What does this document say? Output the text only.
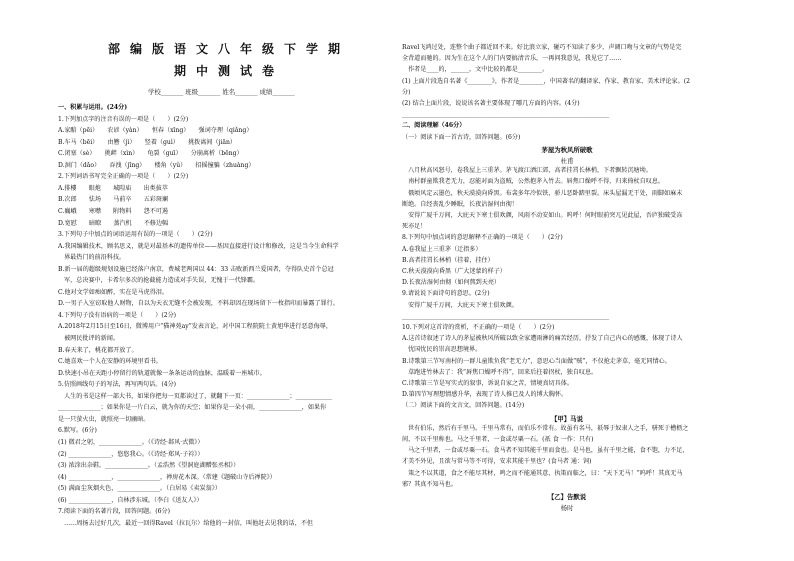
部编版语文八年级下学期
期中测试卷
学校_______ 班级_______ 姓名_______ 成绩_______
一、积累与运用。(24分)
1.下列加点字的注音有误的一项是（　　）(2分)
A.家醅（pēi）　　农谚（yàn）　　恒春（xīng）　　强词夺理（qiǎng）
B.车马（bēi）　　由簪（jì）　　竖着（guì）　　挑拨离间（jiān）
C.闭塞（sè）　　挑衅（xìn）　　龟裂（guī）　　分崩离析（bēng）
D.洄门（dǎo）　　吞洩（jīng）　　楼角（yǔ）　　招摇撞骗（zhuàng）
2.下列词语书写完全正确的一项是（　　）(2分)
A.排樓　　眼炮　　城隍庙　　出类拔萃
B.次郎　　怯场　　马前卒　　五彩斑斓
C.巍峨　　寒噤　　附物料　　怨不可遏
D.宽慰　　暗瞭　　蒸汽机　　不修边幅
3.下列句子中加点的词语运用有误的一项是（　　）(2分)
A.我国编辑技术，顾名思义，就是对最基本的遗传单位——基因直接进行设计和修改，这是当今生命科学
　界最热门的前沿科技。
B.新一届的超级规划设施已经落户南京，费城老两国以 44：33 击败新西兰爱国者，夺得队史首个总冠
　军，总决赛中，卡希尔多次的抢截能力造成对手失误，无愧于一代锋霸。
C.他对文学如痴如醉，实在是马虎得泪。
D.一男子入室窃取他人财物，自以为天衣无缝不会被发现，不料却因在现场留下一枚指印而暴露了罪行。
4.下列句子没有语病的一项是（　　）(2分)
A.2018年2月15日至16日，微博用户“猫神苑ay”发表言论，对中国工程院院士黄旭华进行恶意侮辱，
　被网民批评的新闻。
B.春天来了，桃花都开放了。
C.她喜欢一个人在安静的环境里看书。
D.快速小吊在天距小停留行的轨道就像一条条运动的血脉，温暖着一座城市。
5.仿照画线句子的写法，再写两句话。(4分)
　人生的书是这样一部大书，如果你把每一页都读过了，就翻下一页：______________；____________
______________；如果你是一片白云，就为你的天空；如果你是一朵小雨，______________，如果你
是一只萤火虫，就照亮一切幽暗。
6.默写。(6分)
(1) 微君之躬，______________。（《诗经·邶风·式微》）
(2) ______________，悠悠我心。（《诗经·郑风·子衿》）
(3) 浓涂出杂鞋，______________。（孟浩然《望洞庭湖赠张丞相》）
(4) ______________，______________，禅房花木深。（常建《题破山寺后禅院》）
(5) 满面尘灰烟火色，______________。（白居易《卖炭翁》）
(6) ______________，自林涉东城。（李白《送友人》）
7.阅读下面的名著片段，回答问题。(6分)
　……周扬去过好几次，最近一回得Ravel（拉瓦尔）给他的一封信，叫他赶去见我的话，不但
Ravel飞鸿过处，连整个曲子都近回不来。好比浪立家，碰巧不知读了多少，声调口吻与文章的气势是完
全背道而驰的。因为生在这个人的门内要搞清音乐，一再问我意见，我见它了……
　作者是____的，______，文中比较的都是________。
(1) 上面片段选自名著《________》，作者是________，中国著名的翻译家、作家、教育家、美术评论家。(2
分)
(2) 结合上面片段，说说该名著主要体现了哪几方面的内容。(4分)
____________________________________________________________________
二、阅读理解（46分）
（一）阅读下面一首古诗，回答问题。(6分)
茅屋为秋风所破歌
杜甫
　八月秋高风怒号，卷我屋上三重茅。茅飞渡江洒江郊，高者挂罥长林梢，下者飘转沉塘坳。
　南村群童欺我老无力，忍能对面为盗贼，公然抱茅入竹去。唇焦口燥呼不得，归来倚杖自叹息。
　俄顷风定云墨色，秋天漠漠向昏黑。布衾多年冷似铁，骄儿恶卧踏里裂。床头屋漏无干处，雨脚如麻未
断绝。自经丧乱少睡眠，长夜沾湿何由彻！
　安得广厦千万间，大庇天下寒士俱欢颜，风雨不动安如山。呜呼！何时眼前突兀见此屋，吾庐独破受冻
死亦足！
8.下列句中加点词的意思解释不正确的一项是（　　）(2分)
A.卷我屋上三重茅（迁指多）
B.高者挂罥长林梢（挂着，挂住）
C.秋天漠漠向昏黑（广大迷蒙的样子）
D.长夜沾湿何由彻（如何熬到天亮）
9.请说说下面诗句的意思。(2分)
　安得广厦千万间，大庇天下寒士俱欢颜。
____________________________________________________________________
10.下列对这首诗的赏析，不正确的一项是（　　）(2分)
A.这首诗叙述了诗人的茅屋被秋风所破以致全家遭雨淋的痛苦经历，抒发了自己内心的感慨，体现了诗人
　忧国忧民的崇高思想境界。
B.诗歌第三节写南村的一群儿童欺负我“老无力”，意思心当面做“贼”，不仅抢走茅草，毫无同情心。
　草跑进竹林去了：我“唇焦口燥呼不得”，回来后拄着拐杖，独自叹息。
C.诗歌第三节是写实式的叙事，诉说自家之苦，情境真切具体。
D.第四节写理想情感升华，表现了诗人推已及人的博大胸怀。
（二）阅读下面的文言文，回答问题。(14分)
【甲】马说
　世有伯乐，然后有千里马。千里马常有，而伯乐不常有。故虽有名马，祇辱于奴隶人之手，骈死于槽枥之
间，不以千里称也。马之千里者，一食或尽粟一石。(祇 食 一作：只有)
　马之千里者，一食或尽粟一石。食马者不知其能千里而食也。是马也，虽有千里之能，食不饱，力不足，
才美不外见，且欲与常马等不可得，安求其能千里也？(食马者 通：饲)
　策之不以其道，食之不能尽其材，鸣之而不能通其意，执策而临之，曰：“天下无马！”呜呼！其真无马
邪？其真不知马也。
【乙】告默说
杨时
